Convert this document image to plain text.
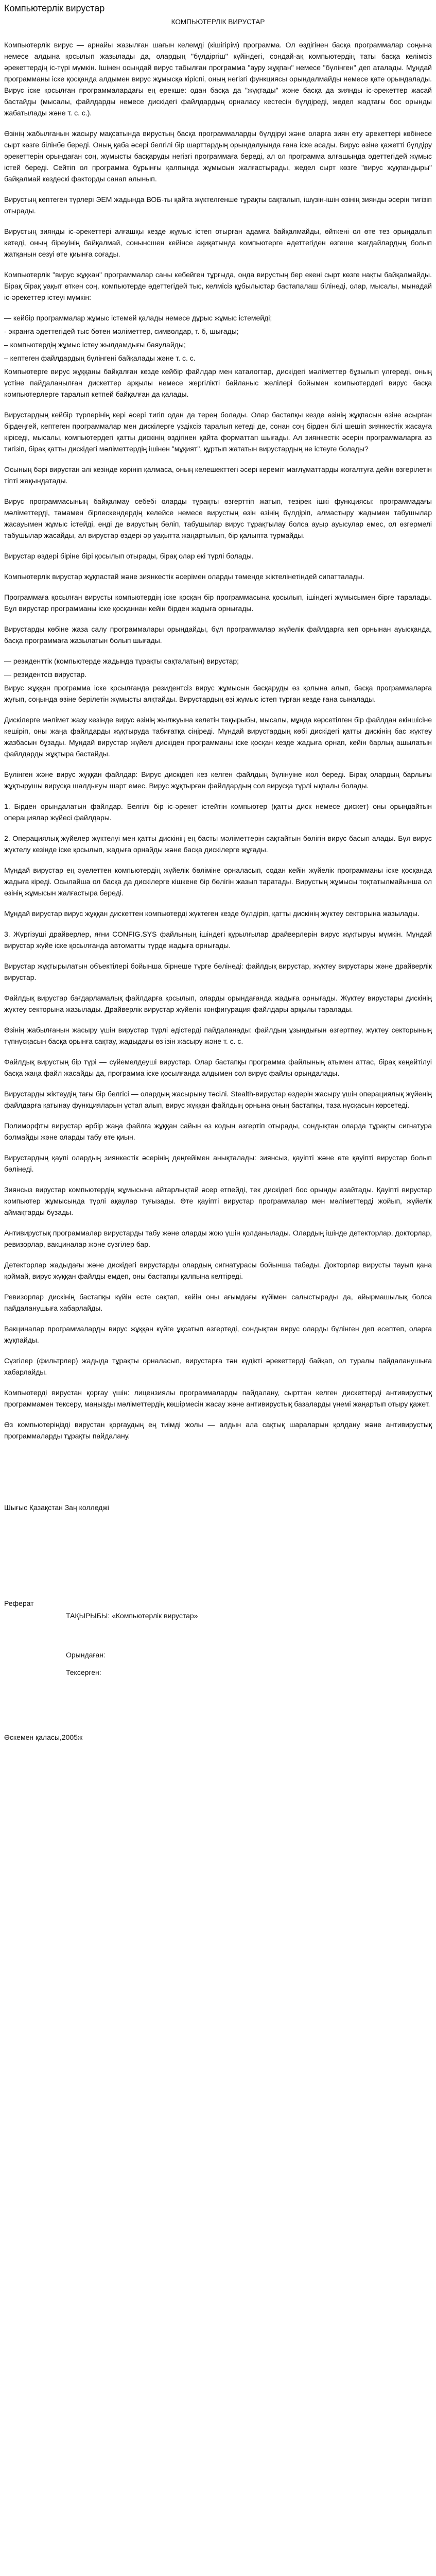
Компьютерлік вирустар
КОМПЬЮТЕРЛІК ВИРУСТАР

Компьютерлік вирус — арнайы жазылған шағын келемді (кішігірім) программа. Ол өздігінен басқа программалар соңына немесе алдына қосылып жазылады да, олардың "бүлдіргіш" күйіндегі, сондай-ақ компьютердің таты басқа келімсіз әрекеттердің іс-түрі мүмкін. Ішінен осындай вирус табылған программа "ауру жұқпан" немесе "бүлінген" деп аталады. Мұндай программаны іске қосқанда алдымен вирус жұмысқа кіріспі, оның негізгі функциясы орындалмайды немесе қате орындалады. Вирус іске қосылған программалардағы ең ерекше: одан басқа да "жұқтады" және басқа да зиянды іс-әрекеттер жасай бастайды (мысалы, файлдарды немесе дискідегі файлдардың орналасу кестесін бүлдіреді, жедел жадтағы бос орынды жабатылады және т. с. с.).

Өзінің жабылғанын жасыру мақсатында вирустың басқа программаларды бүлдіруі және оларға зиян ету әрекеттері көбінесе сырт көзге білінбе береді. Оның қаба әсері белгілі бір шарттардың орындалуында ғана іске асады. Вирус өзіне қажетті бүлдіру әрекеттерін орындаған соң, жұмысты басқаруды негізгі программаға береді, ал ол программа алғашында әдеттегідей жұмыс істей береді. Сейтіп ол программа бұрынғы қалпында жұмысын жалғастырады, жедел сырт көзге "вирус жұқпандыры" байқалмай кездескі факторды санап алынып.

Вирустың кептеген түрлері ЭЕМ жадында ВОБ-ты қайта жүктелгенше тұрақты сақталып, ішүзін-ішін өзінің зиянды әсерін тигізіп отырады.

Вирустың зиянды іс-әрекеттері алғашқы кезде жұмыс істеп отырған адамға байқалмайды, өйткені ол өте тез орындалып кетеді, оның біреуінің байқалмай, сонынсшен кейінсе ақиқатында компьютерге әдеттегіден өзгеше жағдайлардың болып жатқанын сезуі өте қиынға соғады.

Компьютерлік "вирус жұқкан" программалар саны кебейген тұрғыда, онда вирустың бер екені сырт көзге нақты байқалмайды. Бірақ бірақ уақыт өткен соң, компьютерде әдеттегідей тыс, келмісіз құбылыстар бастапалаш білінеді, олар, мысалы, мынадай іс-әрекеттер істеуі мүмкін:

— кейбір программалар жұмыс істемей қалады немесе дұрыс жұмыс істемейді;

- экранға әдеттегідей тыс бөтен мәліметтер, символдар, т. б, шығады;

– компьютердің жұмыс істеу жылдамдығы баяулайды;

– кептеген файлдардың бүлінгені байқалады және т. с. с.

Компьютерге вирус жұққаны байқалған кезде кейбір файлдар мен каталогтар, дискідегі мәліметтер бұзылып үлгереді, оның үстіне пайдаланылған дискеттер арқылы немесе жергілікті байланыс желілері бойымен компьютердегі вирус басқа компьютерлерге таралып кетпей байқалған да қалады.

Вирустардың кейбір түрлерінің кері әсері тигіп одан да терең болады. Олар бастапқы кезде өзінің жұқпасын өзіне асырған бірдеңгей, кептеген программалар мен дискілерге үздіксіз таралып кетеді де, сонан соң бірден білі шешіп зиянкестік жасауға кіріседі, мысалы, компьютердегі қатты дискінің өздігінен қайта форматтап шығады. Ал зиянкестік әсерін программаларға аз тигізіп, бірақ қатты дискідегі мәліметтердің ішінен "мұқият", құртып жататын вирустардың не істеуге болады?

Осының бәрі вирустан әлі кезінде көрініп қалмаса, оның келешекттегі әсері кереміт мағлұматтарды жоғалтуға дейін өзгерілетін тіпті жақындатады.

Вирус программасының байқалмау себебі оларды тұрақты өзгерттіп жатып, тезірек ішкі функциясы: программадағы мәліметтерді, тамамен бірлескендердің келейсе немесе вирустың өзін өзінің бүлдіріп, алмастыру жадымен табушылар жасауымен жұмыс істейді, енді де вирустың бөліп, табушылар вирус тұрақтылау болса ауыр ауысулар емес, ол өзгермелі табушылар жасайды, ал вирустар өздері әр уақытта жаңартылып, бір қалыпта тұрмайды.

Вирустар өздері біріне бірі қосылып отырады, бірақ олар екі түрлі болады.

Компьютерлік вирустар жұқпастай және зиянкестік әсерімен оларды төменде жіктелінетіндей сипатталады.

Программаға қосылған вирусты компьютердің іске қосқан бір программасына қосылып, ішіндегі жұмысымен бірге таралады. Бұл вирустар программаны іске қосқаннан кейін бірден жадыға орнығады.

Вирустарды көбіне жаза салу программалары орындайды, бұл программалар жүйелік файлдарға кеп орнынан ауысқанда, басқа программаға жазылатын болып шығады.

— резиденттік (компьютерде жадында тұрақты сақталатын) вирустар;

— резидентсіз вирустар.

Вирус жұққан программа іске қосылғанда резидентсіз вирус жұмысын басқаруды өз қолына алып, басқа программаларға жұғып, соңында өзіне берілетін жұмысты аяқтайды. Вирустардың өзі жұмыс істеп тұрған кезде ғана сыналады.

Дискілерге мәлімет жазу кезінде вирус өзінің жылжуына келетін тақырыбы, мысалы, мұнда көрсетілген бір файлдан екіншісіне кешіріп, оны жаңа файлдарды жұқтыруда табиғатқа сіңіреді. Мұндай вирустардың көбі дискідегі қатты дискінің бас жүктеу жазбасын бұзады. Мұндай вирустар жүйелі дискіден программаны іске қосқан кезде жадыға орнап, кейін барлық ашылатын файлдарды жұқтыра бастайды.

Бүлінген және вирус жұққан файлдар: Вирус дискідегі кез келген файлдың бүлінуіне жол береді. Бірақ олардың барлығы жұқтырушы вирусқа шалдығуы шарт емес. Вирус жұқтырған файлдардың сол вирусқа түрлі ықпалы болады.

1. Бірден орындалатын файлдар. Белгілі бір іс-әрекет істейтін компьютер (қатты диск немесе дискет) оны орындайтын операциялар жүйесі файлдары.

2. Операциялық жүйелер жүктелуі мен қатты дискінің ең басты мәліметтерін сақтайтын бөлігін вирус басып алады. Бұл вирус жүктелу кезінде іске қосылып, жадыға орнайды және басқа дискілерге жұғады.

Мұндай вирустар ең әуелеттен компьютердің жүйелік бөліміне орналасып, содан кейін жүйелік программаны іске қосқанда жадыға кіреді. Осылайша ол басқа да дискілерге кішкене бір бөлігін жазып таратады. Вирустың жұмысы тоқтатылмайынша ол өзінің жұмысын жалғастыра береді.

Мұндай вирустар вирус жұққан дискеттен компьютерді жүктеген кезде бүлдіріп, қатты дискінің жүктеу секторына жазылады.

3. Жүргізуші драйверлер, яғни CONFIG.SYS файлының ішіндегі құрылғылар драйверлерін вирус жұқтыруы мүмкін. Мұндай вирустар жүйе іске қосылғанда автоматты түрде жадыға орнығады.

Вирустар жұқтырылатын объектілері бойынша бірнеше түрге бөлінеді: файлдық вирустар, жүктеу вирустары және драйверлік вирустар.

Файлдық вирустар бағдарламалық файлдарға қосылып, оларды орындағанда жадыға орнығады. Жүктеу вирустары дискінің жүктеу секторына жазылады. Драйверлік вирустар жүйелік конфигурация файлдары арқылы таралады.

Өзінің жабылғанын жасыру үшін вирустар түрлі әдістерді пайдаланады: файлдың ұзындығын өзгертпеу, жүктеу секторының түпнұсқасын басқа орынға сақтау, жадыдағы өз ізін жасыру және т. с. с.

Файлдық вирустың бір түрі — сүйемелдеуші вирустар. Олар бастапқы программа файлының атымен аттас, бірақ кеңейтілуі басқа жаңа файл жасайды да, программа іске қосылғанда алдымен сол вирус файлы орындалады.

Вирустарды жіктеудің тағы бір белгісі — олардың жасырыну тәсілі. Stealth-вирустар өздерін жасыру үшін операциялық жүйенің файлдарға қатынау функцияларын ұстап алып, вирус жұққан файлдың орнына оның бастапқы, таза нұсқасын көрсетеді.

Полиморфты вирустар әрбір жаңа файлға жұққан сайын өз кодын өзгертіп отырады, сондықтан оларда тұрақты сигнатура болмайды және оларды табу өте қиын.

Вирустардың қаупі олардың зиянкестік әсерінің деңгейімен анықталады: зиянсыз, қауіпті және өте қауіпті вирустар болып бөлінеді.

Зиянсыз вирустар компьютердің жұмысына айтарлықтай әсер етпейді, тек дискідегі бос орынды азайтады. Қауіпті вирустар компьютер жұмысында түрлі ақаулар туғызады. Өте қауіпті вирустар программалар мен мәліметтерді жойып, жүйелік аймақтарды бұзады.

Антивирустық программалар вирустарды табу және оларды жою үшін қолданылады. Олардың ішінде детекторлар, докторлар, ревизорлар, вакциналар және сүзгілер бар.

Детекторлар жадыдағы және дискідегі вирустарды олардың сигнатурасы бойынша табады. Докторлар вирусты тауып қана қоймай, вирус жұққан файлды емдеп, оны бастапқы қалпына келтіреді.

Ревизорлар дискінің бастапқы күйін есте сақтап, кейін оны ағымдағы күйімен салыстырады да, айырмашылық болса пайдаланушыға хабарлайды.

Вакциналар программаларды вирус жұққан күйге ұқсатып өзгертеді, сондықтан вирус оларды бүлінген деп есептеп, оларға жұқпайды.

Сүзгілер (фильтрлер) жадыда тұрақты орналасып, вирустарға тән күдікті әрекеттерді байқап, ол туралы пайдаланушыға хабарлайды.

Компьютерді вирустан қорғау үшін: лицензиялы программаларды пайдалану, сырттан келген дискеттерді антивирустық программамен тексеру, маңызды мәліметтердің көшірмесін жасау және антивирустық базаларды үнемі жаңартып отыру қажет.

Өз компьютеріңізді вирустан қорғаудың ең тиімді жолы — алдын ала сақтық шараларын қолдану және антивирустық программаларды тұрақты пайдалану.

Шығыс Қазақстан Заң колледжі

Реферат

ТАҚЫРЫБЫ: «Компьютерлік вирустар»

Орындаған:

Тексерген:

Өскемен қаласы,2005ж
